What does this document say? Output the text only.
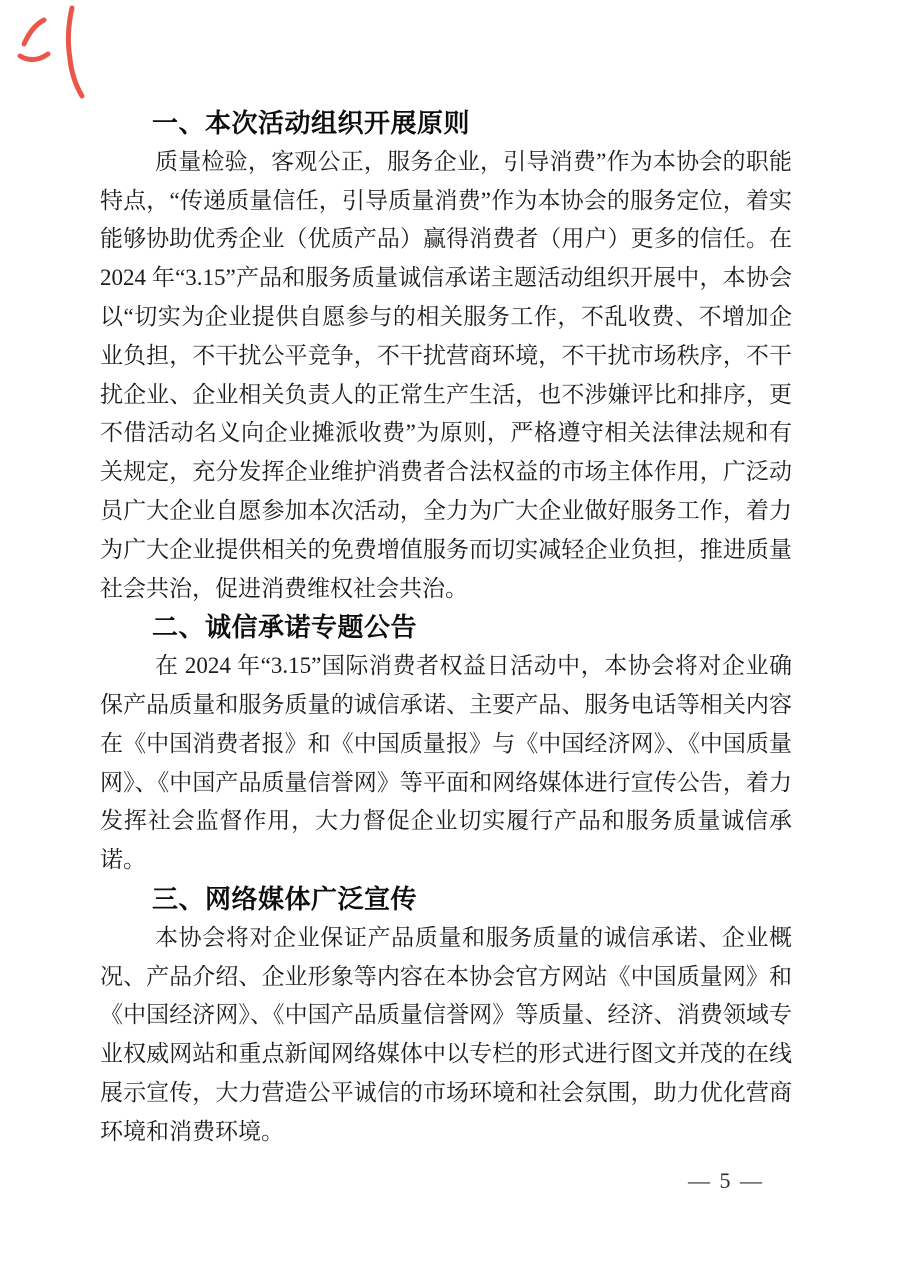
一、本次活动组织开展原则

质量检验，客观公正，服务企业，引导消费”作为本协会的职能特点，“传递质量信任，引导质量消费”作为本协会的服务定位，着实能够协助优秀企业（优质产品）赢得消费者（用户）更多的信任。在 2024 年“3.15”产品和服务质量诚信承诺主题活动组织开展中，本协会以“切实为企业提供自愿参与的相关服务工作，不乱收费、不增加企业负担，不干扰公平竞争，不干扰营商环境，不干扰市场秩序，不干扰企业、企业相关负责人的正常生产生活，也不涉嫌评比和排序，更不借活动名义向企业摊派收费”为原则，严格遵守相关法律法规和有关规定，充分发挥企业维护消费者合法权益的市场主体作用，广泛动员广大企业自愿参加本次活动，全力为广大企业做好服务工作，着力为广大企业提供相关的免费增值服务而切实减轻企业负担，推进质量社会共治，促进消费维权社会共治。

二、诚信承诺专题公告

在 2024 年“3.15”国际消费者权益日活动中，本协会将对企业确保产品质量和服务质量的诚信承诺、主要产品、服务电话等相关内容在《中国消费者报》和《中国质量报》与《中国经济网》、《中国质量网》、《中国产品质量信誉网》等平面和网络媒体进行宣传公告，着力发挥社会监督作用，大力督促企业切实履行产品和服务质量诚信承诺。

三、网络媒体广泛宣传

本协会将对企业保证产品质量和服务质量的诚信承诺、企业概况、产品介绍、企业形象等内容在本协会官方网站《中国质量网》和《中国经济网》、《中国产品质量信誉网》等质量、经济、消费领域专业权威网站和重点新闻网络媒体中以专栏的形式进行图文并茂的在线展示宣传，大力营造公平诚信的市场环境和社会氛围，助力优化营商环境和消费环境。

— 5 —
